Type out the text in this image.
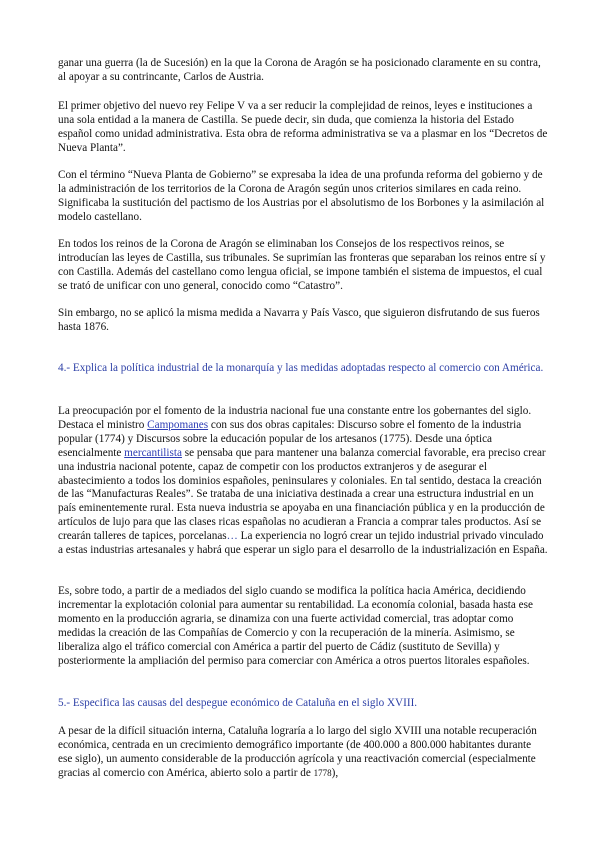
ganar una guerra (la de Sucesión) en la que la Corona de Aragón se ha posicionado claramente en su contra, al apoyar a su contrincante, Carlos de Austria.

El primer objetivo del nuevo rey Felipe V va a ser reducir la complejidad de reinos, leyes e instituciones a una sola entidad a la manera de Castilla. Se puede decir, sin duda, que comienza la historia del Estado español como unidad administrativa. Esta obra de reforma administrativa se va a plasmar en los “Decretos de Nueva Planta”.

Con el término “Nueva Planta de Gobierno” se expresaba la idea de una profunda reforma del gobierno y de la administración de los territorios de la Corona de Aragón según unos criterios similares en cada reino. Significaba la sustitución del pactismo de los Austrias por el absolutismo de los Borbones y la asimilación al modelo castellano.

En todos los reinos de la Corona de Aragón se eliminaban los Consejos de los respectivos reinos, se introducían las leyes de Castilla, sus tribunales. Se suprimían las fronteras que separaban los reinos entre sí y con Castilla. Además del castellano como lengua oficial, se impone también el sistema de impuestos, el cual se trató de unificar con uno general, conocido como “Catastro”.

Sin embargo, no se aplicó la misma medida a Navarra y País Vasco, que siguieron disfrutando de sus fueros hasta 1876.

4.- Explica la política industrial de la monarquía y las medidas adoptadas respecto al comercio con América.

La preocupación por el fomento de la industria nacional fue una constante entre los gobernantes del siglo. Destaca el ministro Campomanes con sus dos obras capitales: Discurso sobre el fomento de la industria popular (1774) y Discursos sobre la educación popular de los artesanos (1775). Desde una óptica esencialmente mercantilista se pensaba que para mantener una balanza comercial favorable, era preciso crear una industria nacional potente, capaz de competir con los productos extranjeros y de asegurar el abastecimiento a todos los dominios españoles, peninsulares y coloniales. En tal sentido, destaca la creación de las “Manufacturas Reales”. Se trataba de una iniciativa destinada a crear una estructura industrial en un país eminentemente rural. Esta nueva industria se apoyaba en una financiación pública y en la producción de artículos de lujo para que las clases ricas españolas no acudieran a Francia a comprar tales productos. Así se crearán talleres de tapices, porcelanas… La experiencia no logró crear un tejido industrial privado vinculado a estas industrias artesanales y habrá que esperar un siglo para el desarrollo de la industrialización en España.

Es, sobre todo, a partir de a mediados del siglo cuando se modifica la política hacia América, decidiendo incrementar la explotación colonial para aumentar su rentabilidad. La economía colonial, basada hasta ese momento en la producción agraria, se dinamiza con una fuerte actividad comercial, tras adoptar como medidas la creación de las Compañías de Comercio y con la recuperación de la minería. Asimismo, se liberaliza algo el tráfico comercial con América a partir del puerto de Cádiz (sustituto de Sevilla) y posteriormente la ampliación del permiso para comerciar con América a otros puertos litorales españoles.

5.- Especifica las causas del despegue económico de Cataluña en el siglo XVIII.

A pesar de la difícil situación interna, Cataluña lograría a lo largo del siglo XVIII una notable recuperación económica, centrada en un crecimiento demográfico importante (de 400.000 a 800.000 habitantes durante ese siglo), un aumento considerable de la producción agrícola y una reactivación comercial (especialmente gracias al comercio con América, abierto solo a partir de 1778),
